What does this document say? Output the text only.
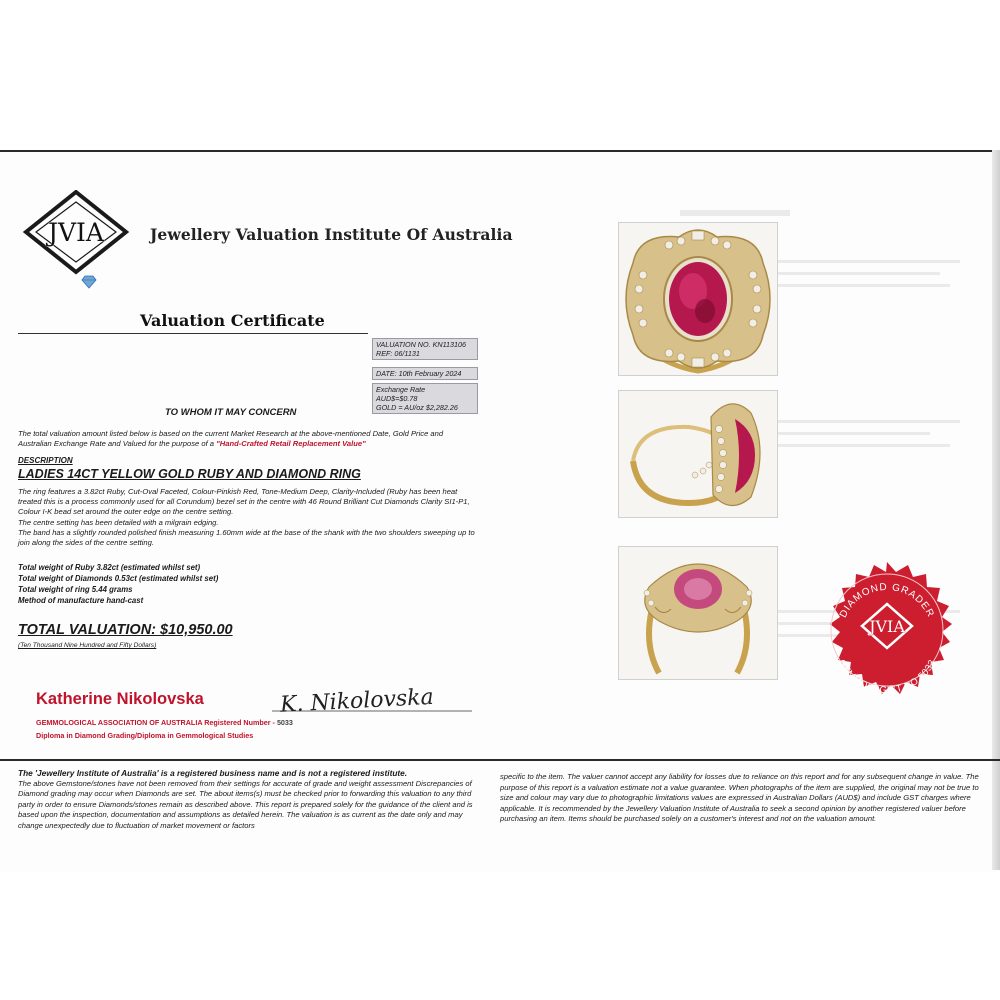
JVIA	Jewellery Valuation Institute Of Australia
Valuation Certificate
VALUATION NO. KN113106
REF: 06/1131
DATE: 10th February 2024
Exchange Rate
AUD$=$0.78
GOLD = AU/oz $2,282.26
TO WHOM IT MAY CONCERN
The total valuation amount listed below is based on the current Market Research at the above-mentioned Date, Gold Price and Australian Exchange Rate and Valued for the purpose of a "Hand-Crafted Retail Replacement Value"
DESCRIPTION
LADIES 14CT YELLOW GOLD RUBY AND DIAMOND RING

The ring features a 3.82ct Ruby, Cut-Oval Faceted, Colour-Pinkish Red, Tone-Medium Deep, Clarity-Included (Ruby has been heat treated this is a process commonly used for all Corundum) bezel set in the centre with 46 Round Brilliant Cut Diamonds Clarity SI1-P1, Colour I-K bead set around the outer edge on the centre setting.

The centre setting has been detailed with a milgrain edging.

The band has a slightly rounded polished finish measuring 1.60mm wide at the base of the shank with the two shoulders sweeping up to join along the sides of the centre setting.

Total weight of Ruby 3.82ct (estimated whilst set)
Total weight of Diamonds 0.53ct (estimated whilst set)
Total weight of ring 5.44 grams
Method of manufacture hand-cast
TOTAL VALUATION: $10,950.00
(Ten Thousand Nine Hundred and Fifty Dollars)
Katherine Nikolovska	K. Nikolovska
GEMMOLOGICAL ASSOCIATION OF AUSTRALIA Registered Number - 5033
Diploma in Diamond Grading/Diploma in Gemmological Studies
DIAMOND GRADER
JVIA
GEMMOLOGIST NO 5033
The 'Jewellery Institute of Australia' is a registered business name and is not a registered institute.
The above Gemstone/stones have not been removed from their settings for accurate of grade and weight assessment Discrepancies of Diamond grading may occur when Diamonds are set. The about items(s) must be checked prior to forwarding this valuation to any third party in order to ensure Diamonds/stones remain as described above. This report is prepared solely for the guidance of the client and is based upon the inspection, documentation and assumptions as detailed herein. The valuation is as current as the date only and may change unexpectedly due to fluctuation of market movement or factors
specific to the item. The valuer cannot accept any liability for losses due to reliance on this report and for any subsequent change in value. The purpose of this report is a valuation estimate not a value guarantee. When photographs of the item are supplied, the original may not be true to size and colour may vary due to photographic limitations values are expressed in Australian Dollars (AUD$) and include GST charges where applicable. It is recommended by the Jewellery Valuation Institute of Australia to seek a second opinion by another registered valuer before purchasing an item. Items should be purchased solely on a customer's interest and not on the valuation amount.
